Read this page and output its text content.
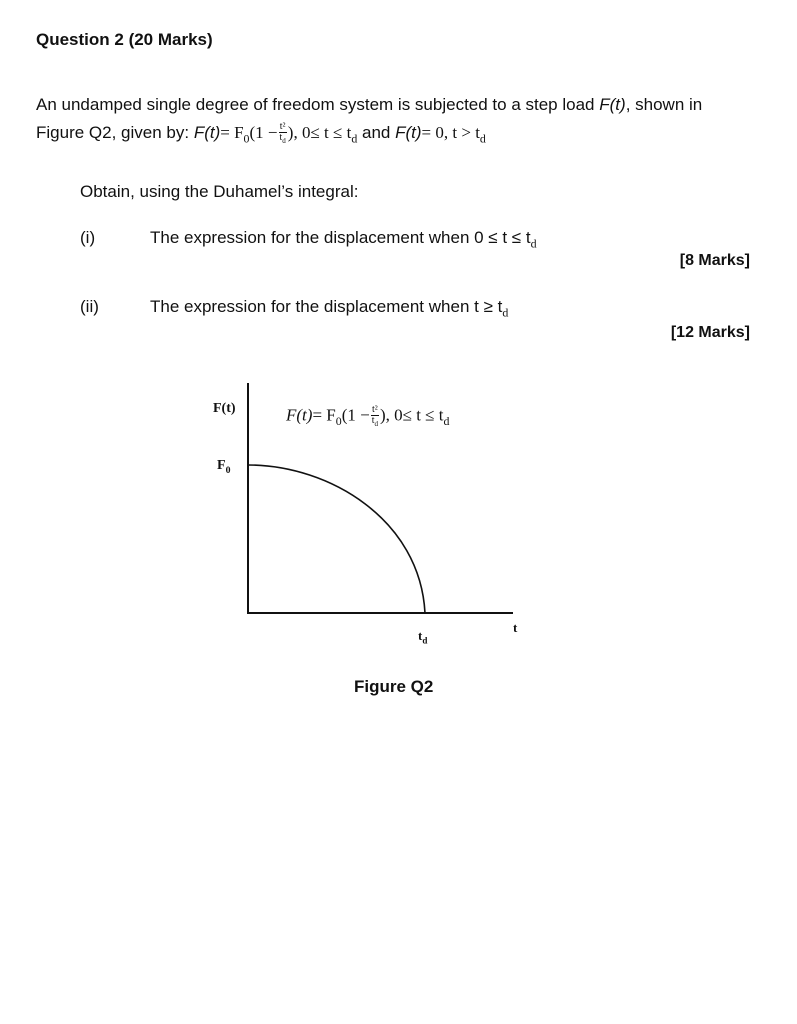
Question 2 (20 Marks)
An undamped single degree of freedom system is subjected to a step load F(t), shown in
Figure Q2, given by: $F(t)= F_0(1 - \frac{\text{t²}}{t_d}$ ), $0\le t \le t_d$ and F(t)= 0, $t > t_d$
Obtain, using the Duhamel’s integral:
(i)	The expression for the displacement when $0 \le t \le t_d$
[8 Marks]
(ii)	The expression for the displacement when $t \ge t_d$
[12 Marks]
F(t)
$F_0$
$F(t)= F_0(1 - \frac{\text{t²}}{t_d}$ ), $0\le t \le t_d$
$t_d$
t
Figure Q2
